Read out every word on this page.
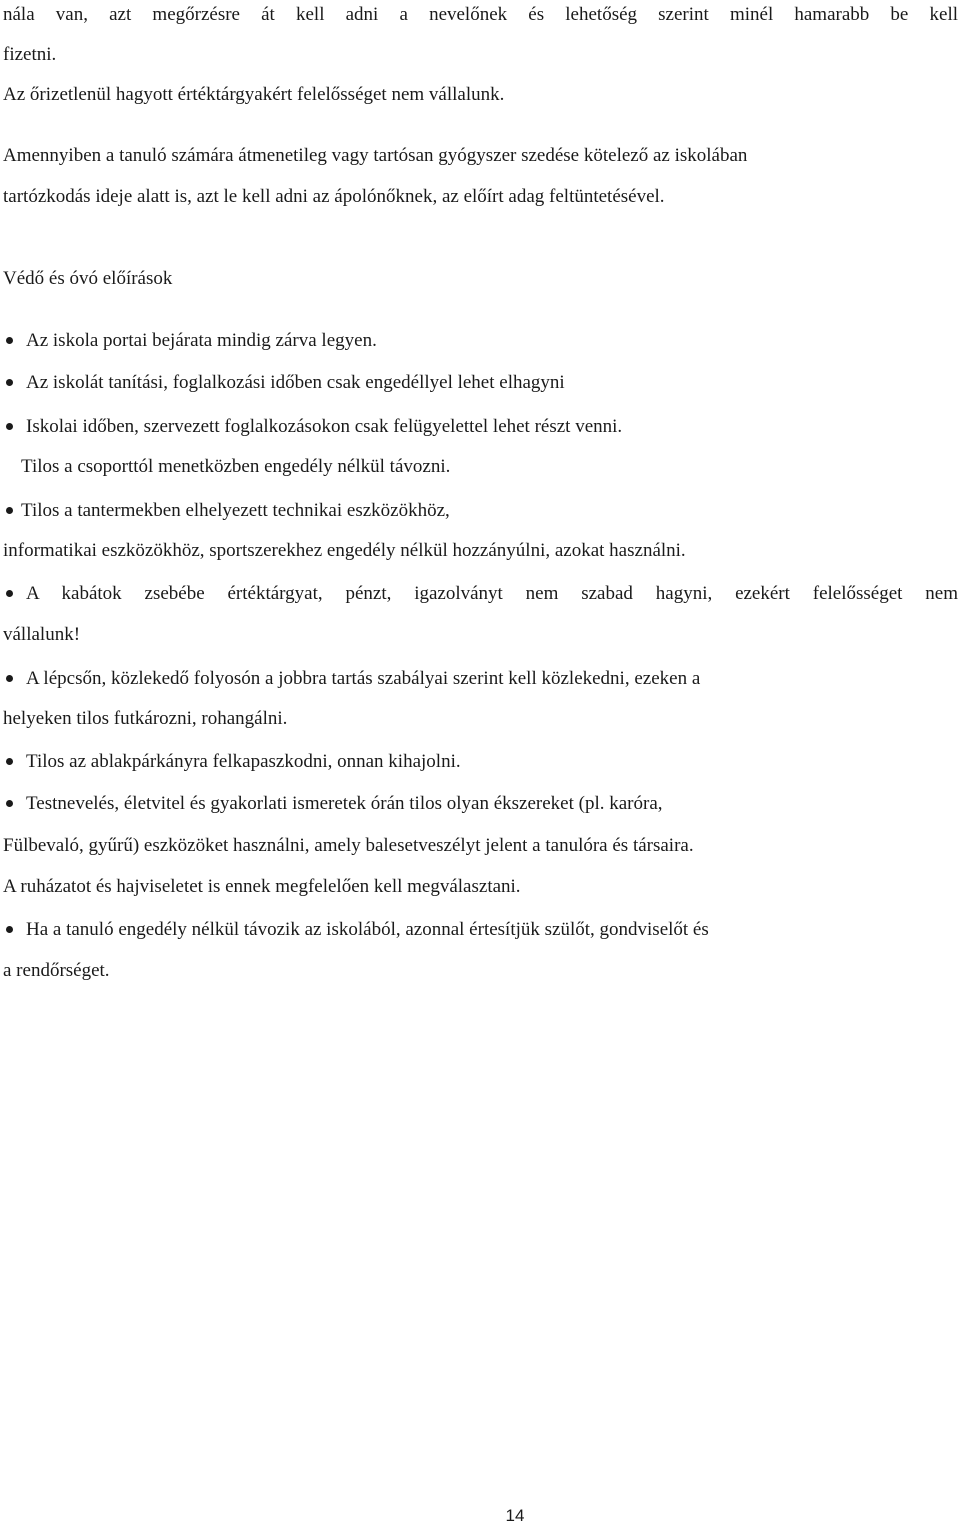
nála van, azt megőrzésre át kell adni a nevelőnek és lehetőség szerint minél hamarabb be kell
fizetni.
Az őrizetlenül hagyott értéktárgyakért felelősséget nem vállalunk.
Amennyiben a tanuló számára átmenetileg vagy tartósan gyógyszer szedése kötelező az iskolában
tartózkodás ideje alatt is, azt le kell adni az ápolónőknek, az előírt adag feltüntetésével.
Védő és óvó előírások
Az iskola portai bejárata mindig zárva legyen.
Az iskolát tanítási, foglalkozási időben csak engedéllyel lehet elhagyni
Iskolai időben, szervezett foglalkozásokon csak felügyelettel lehet részt venni.
Tilos a csoporttól menetközben engedély nélkül távozni.
Tilos a tantermekben elhelyezett technikai eszközökhöz,
informatikai eszközökhöz, sportszerekhez engedély nélkül hozzányúlni, azokat használni.
A kabátok zsebébe értéktárgyat, pénzt, igazolványt nem szabad hagyni, ezekért felelősséget nem
vállalunk!
A lépcsőn, közlekedő folyosón a jobbra tartás szabályai szerint kell közlekedni, ezeken a
helyeken tilos futkározni, rohangálni.
Tilos az ablakpárkányra felkapaszkodni, onnan kihajolni.
Testnevelés, életvitel és gyakorlati ismeretek órán tilos olyan ékszereket (pl. karóra,
Fülbevaló, gyűrű) eszközöket használni, amely balesetveszélyt jelent a tanulóra és társaira.
A ruházatot és hajviseletet is ennek megfelelően kell megválasztani.
Ha a tanuló engedély nélkül távozik az iskolából, azonnal értesítjük szülőt, gondviselőt és
a rendőrséget.
14
